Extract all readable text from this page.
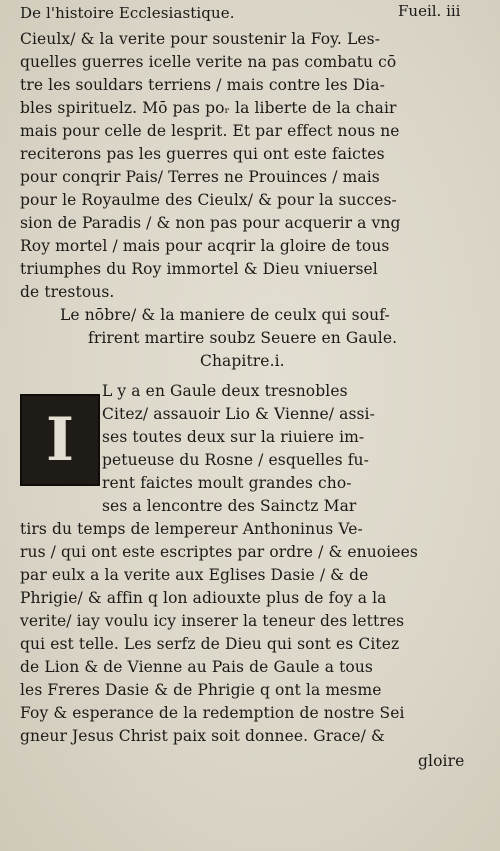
De l'histoire Ecclesiastique.	Fueil. iii
Cieulx/ & la verite pour soustenir la Foy. Les-
quelles guerres icelle verite na pas combatu cō
tre les souldars terriens / mais contre les Dia-
bles spirituelz. Mō pas poᵣ la liberte de la chair
mais pour celle de lesprit. Et par effect nous ne
reciterons pas les guerres qui ont este faictes
pour conqrir Pais/ Terres ne Prouinces / mais
pour le Royaulme des Cieulx/ & pour la succes-
sion de Paradis / & non pas pour acquerir a vng
Roy mortel / mais pour acqrir la gloire de tous
triumphes du Roy immortel & Dieu vniuersel
de trestous.
Le nōbre/ & la maniere de ceulx qui souf-
frirent martire soubz Seuere en Gaule.
Chapitre.i.
I
L y a en Gaule deux tresnobles
Citez/ assauoir Lio & Vienne/ assi-
ses toutes deux sur la riuiere im-
petueuse du Rosne / esquelles fu-
rent faictes moult grandes cho-
ses a lencontre des Sainctz Mar
tirs du temps de lempereur Anthoninus Ve-
rus / qui ont este escriptes par ordre / & enuoiees
par eulx a la verite aux Eglises Dasie / & de
Phrigie/ & affin q lon adiouxte plus de foy a la
verite/ iay voulu icy inserer la teneur des lettres
qui est telle. Les serfz de Dieu qui sont es Citez
de Lion & de Vienne au Pais de Gaule a tous
les Freres Dasie & de Phrigie q ont la mesme
Foy & esperance de la redemption de nostre Sei
gneur Jesus Christ paix soit donnee. Grace/ &
gloire
